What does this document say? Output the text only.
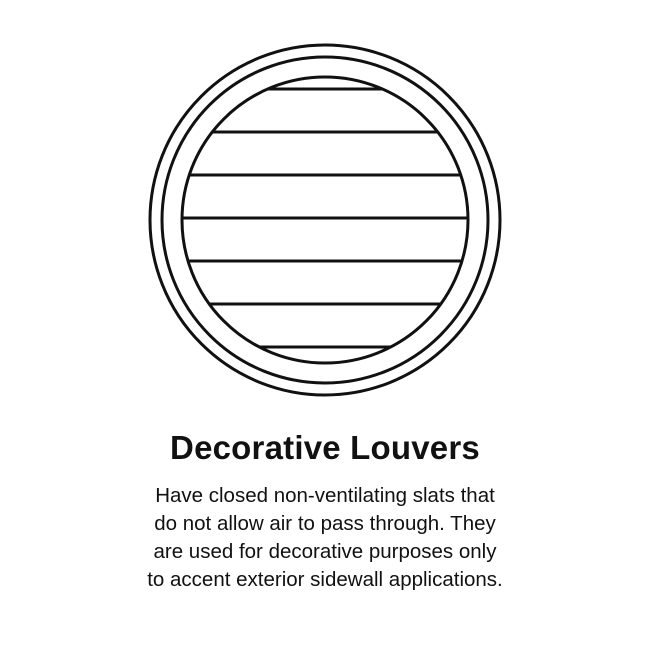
Decorative Louvers
Have closed non-ventilating slats that
do not allow air to pass through. They
are used for decorative purposes only
to accent exterior sidewall applications.
